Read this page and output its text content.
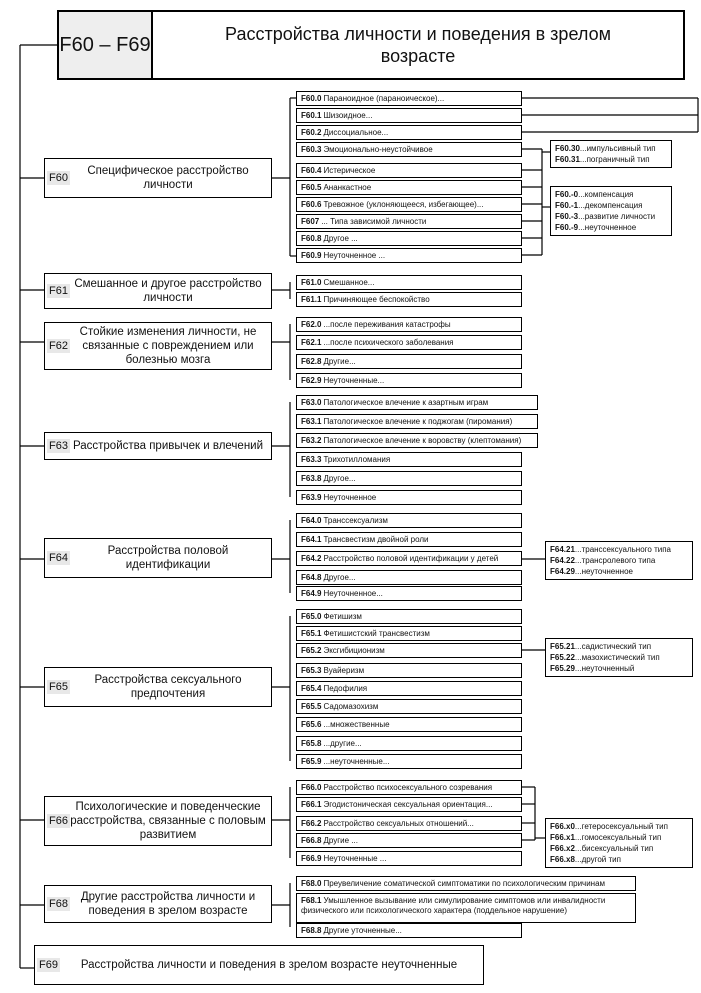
F60 – F69	Расстройства личности и поведения в зрелом возрасте
F60
Специфическое расстройство личности
F61
Смешанное и другое расстройство личности
F62
Стойкие изменения личности, не связанные с повреждением или болезнью мозга
F63 Расстройства привычек и влечений
F64
Расстройства половой идентификации
F65
Расстройства сексуального предпочтения
F66
Психологические и поведенческие расстройства, связанные с половым развитием
F68
Другие расстройства личности и поведения в зрелом возрасте
F69	Расстройства личности и поведения в зрелом возрасте неуточненные
F60.0 Параноидное (параноическое)...
F60.1 Шизоидное...
F60.2 Диссоциальное...
F60.3 Эмоционально-неустойчивое
F60.4 Истерическое
F60.5 Ананкастное
F60.6 Тревожное (уклоняющееся, избегающее)...
F607 ... Типа зависимой личности
F60.8 Другое ...
F60.9 Неуточненное ...
F61.0 Смешанное...
F61.1 Причиняющее беспокойство
F62.0 ...после переживания катастрофы
F62.1 ...после психического заболевания
F62.8 Другие...
F62.9 Неуточненные...
F63.0 Патологическое влечение к азартным играм
F63.1 Патологическое влечение к поджогам (пиромания)
F63.2 Патологическое влечение к воровству (клептомания)
F63.3 Трихотилломания
F63.8 Другое...
F63.9 Неуточненное
F64.0 Транссексуализм
F64.1 Трансвестизм двойной роли
F64.2 Расстройство половой идентификации у детей
F64.8 Другое...
F64.9 Неуточненное...
F65.0 Фетишизм
F65.1 Фетишистский трансвестизм
F65.2 Эксгибиционизм
F65.3 Вуайеризм
F65.4 Педофилия
F65.5 Садомазохизм
F65.6 ...множественные
F65.8 ...другие...
F65.9 ...неуточненные...
F66.0 Расстройство психосексуального созревания
F66.1 Эгодистоническая сексуальная ориентация...
F66.2 Расстройство сексуальных отношений...
F66.8 Другие ...
F66.9 Неуточненные ...
F68.0 Преувеличение соматической симптоматики по психологическим причинам
F68.1 Умышленное вызывание или симулирование симптомов или инвалидности физического или психологического характера (поддельное нарушение)
F68.8 Другие уточненные...
F60.30...импульсивный тип
F60.31...пограничный тип
F60.-0...компенсация
F60.-1...декомпенсация
F60.-3...развитие личности
F60.-9...неуточненное
F64.21...транссексуального типа
F64.22...трансролевого типа
F64.29...неуточненное
F65.21...садистический тип
F65.22...мазохистический тип
F65.29...неуточненный
F66.x0...гетеросексуальный тип
F66.x1...гомосексуальный тип
F66.x2...бисексуальный тип
F66.x8...другой тип
